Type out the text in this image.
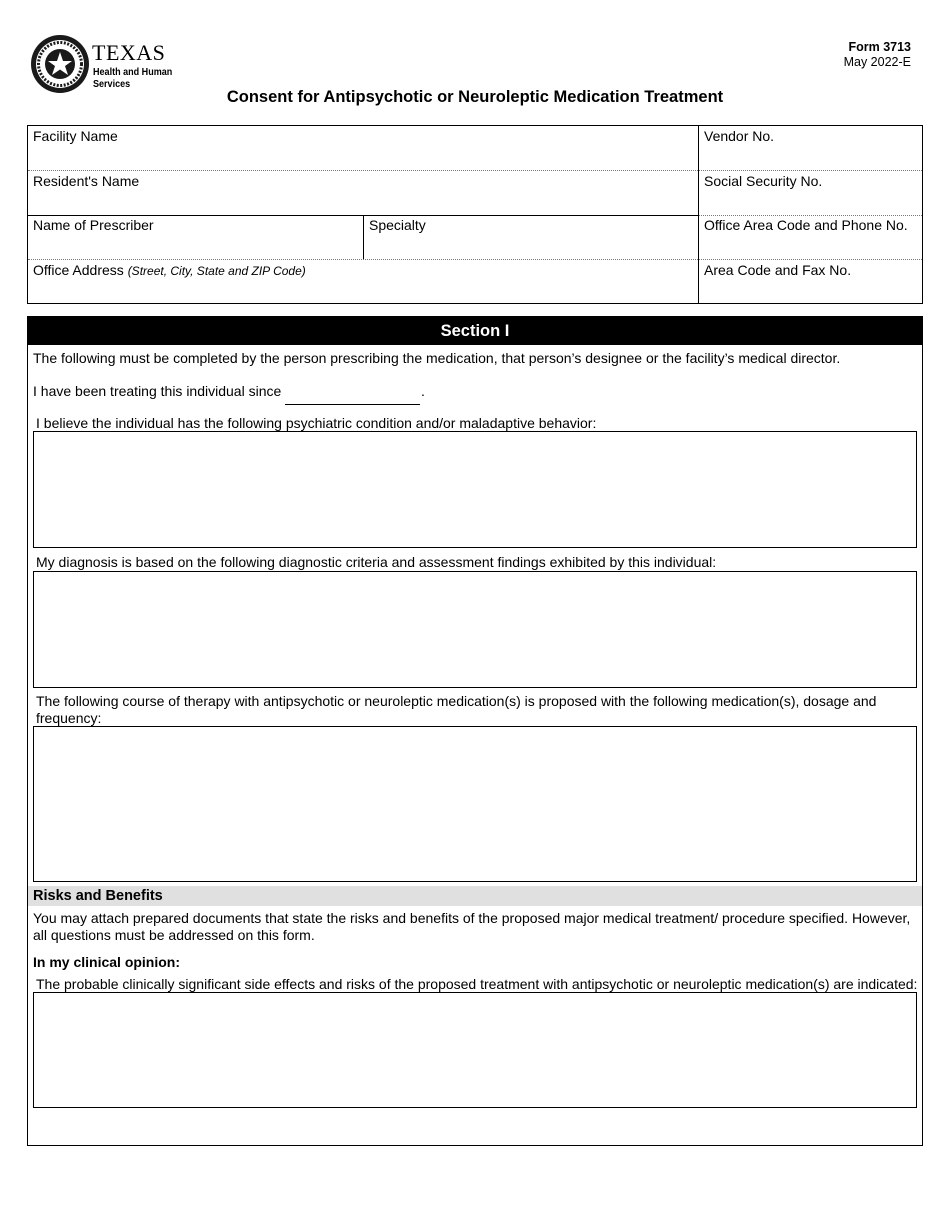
TEXAS
Health and Human
Services
Form 3713
May 2022-E
Consent for Antipsychotic or Neuroleptic Medication Treatment
Facility Name	Vendor No.
Resident's Name	Social Security No.
Name of Prescriber	Specialty	Office Area Code and Phone No.
Office Address (Street, City, State and ZIP Code)	Area Code and Fax No.
Section I
The following must be completed by the person prescribing the medication, that person’s designee or the facility’s medical director.
I have been treating this individual since	.
I believe the individual has the following psychiatric condition and/or maladaptive behavior:
My diagnosis is based on the following diagnostic criteria and assessment findings exhibited by this individual:
The following course of therapy with antipsychotic or neuroleptic medication(s) is proposed with the following medication(s), dosage and frequency:
Risks and Benefits
You may attach prepared documents that state the risks and benefits of the proposed major medical treatment/ procedure specified. However, all questions must be addressed on this form.
In my clinical opinion:
The probable clinically significant side effects and risks of the proposed treatment with antipsychotic or neuroleptic medication(s) are indicated:
